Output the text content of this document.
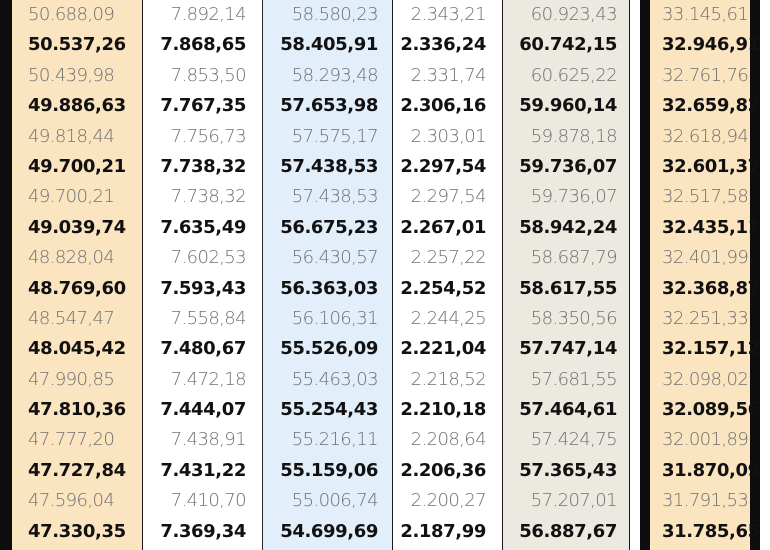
50.688,09
50.537,26
50.439,98
49.886,63
49.818,44
49.700,21
49.700,21
49.039,74
48.828,04
48.769,60
48.547,47
48.045,42
47.990,85
47.810,36
47.777,20
47.727,84
47.596,04
47.330,35
7.892,14
7.868,65
7.853,50
7.767,35
7.756,73
7.738,32
7.738,32
7.635,49
7.602,53
7.593,43
7.558,84
7.480,67
7.472,18
7.444,07
7.438,91
7.431,22
7.410,70
7.369,34
58.580,23
58.405,91
58.293,48
57.653,98
57.575,17
57.438,53
57.438,53
56.675,23
56.430,57
56.363,03
56.106,31
55.526,09
55.463,03
55.254,43
55.216,11
55.159,06
55.006,74
54.699,69
2.343,21
2.336,24
2.331,74
2.306,16
2.303,01
2.297,54
2.297,54
2.267,01
2.257,22
2.254,52
2.244,25
2.221,04
2.218,52
2.210,18
2.208,64
2.206,36
2.200,27
2.187,99
60.923,43
60.742,15
60.625,22
59.960,14
59.878,18
59.736,07
59.736,07
58.942,24
58.687,79
58.617,55
58.350,56
57.747,14
57.681,55
57.464,61
57.424,75
57.365,43
57.207,01
56.887,67
33.145,61
32.946,91
32.761,76
32.659,82
32.618,94
32.601,37
32.517,58
32.435,11
32.401,99
32.368,87
32.251,33
32.157,12
32.098,02
32.089,56
32.001,89
31.870,09
31.791,53
31.785,65
